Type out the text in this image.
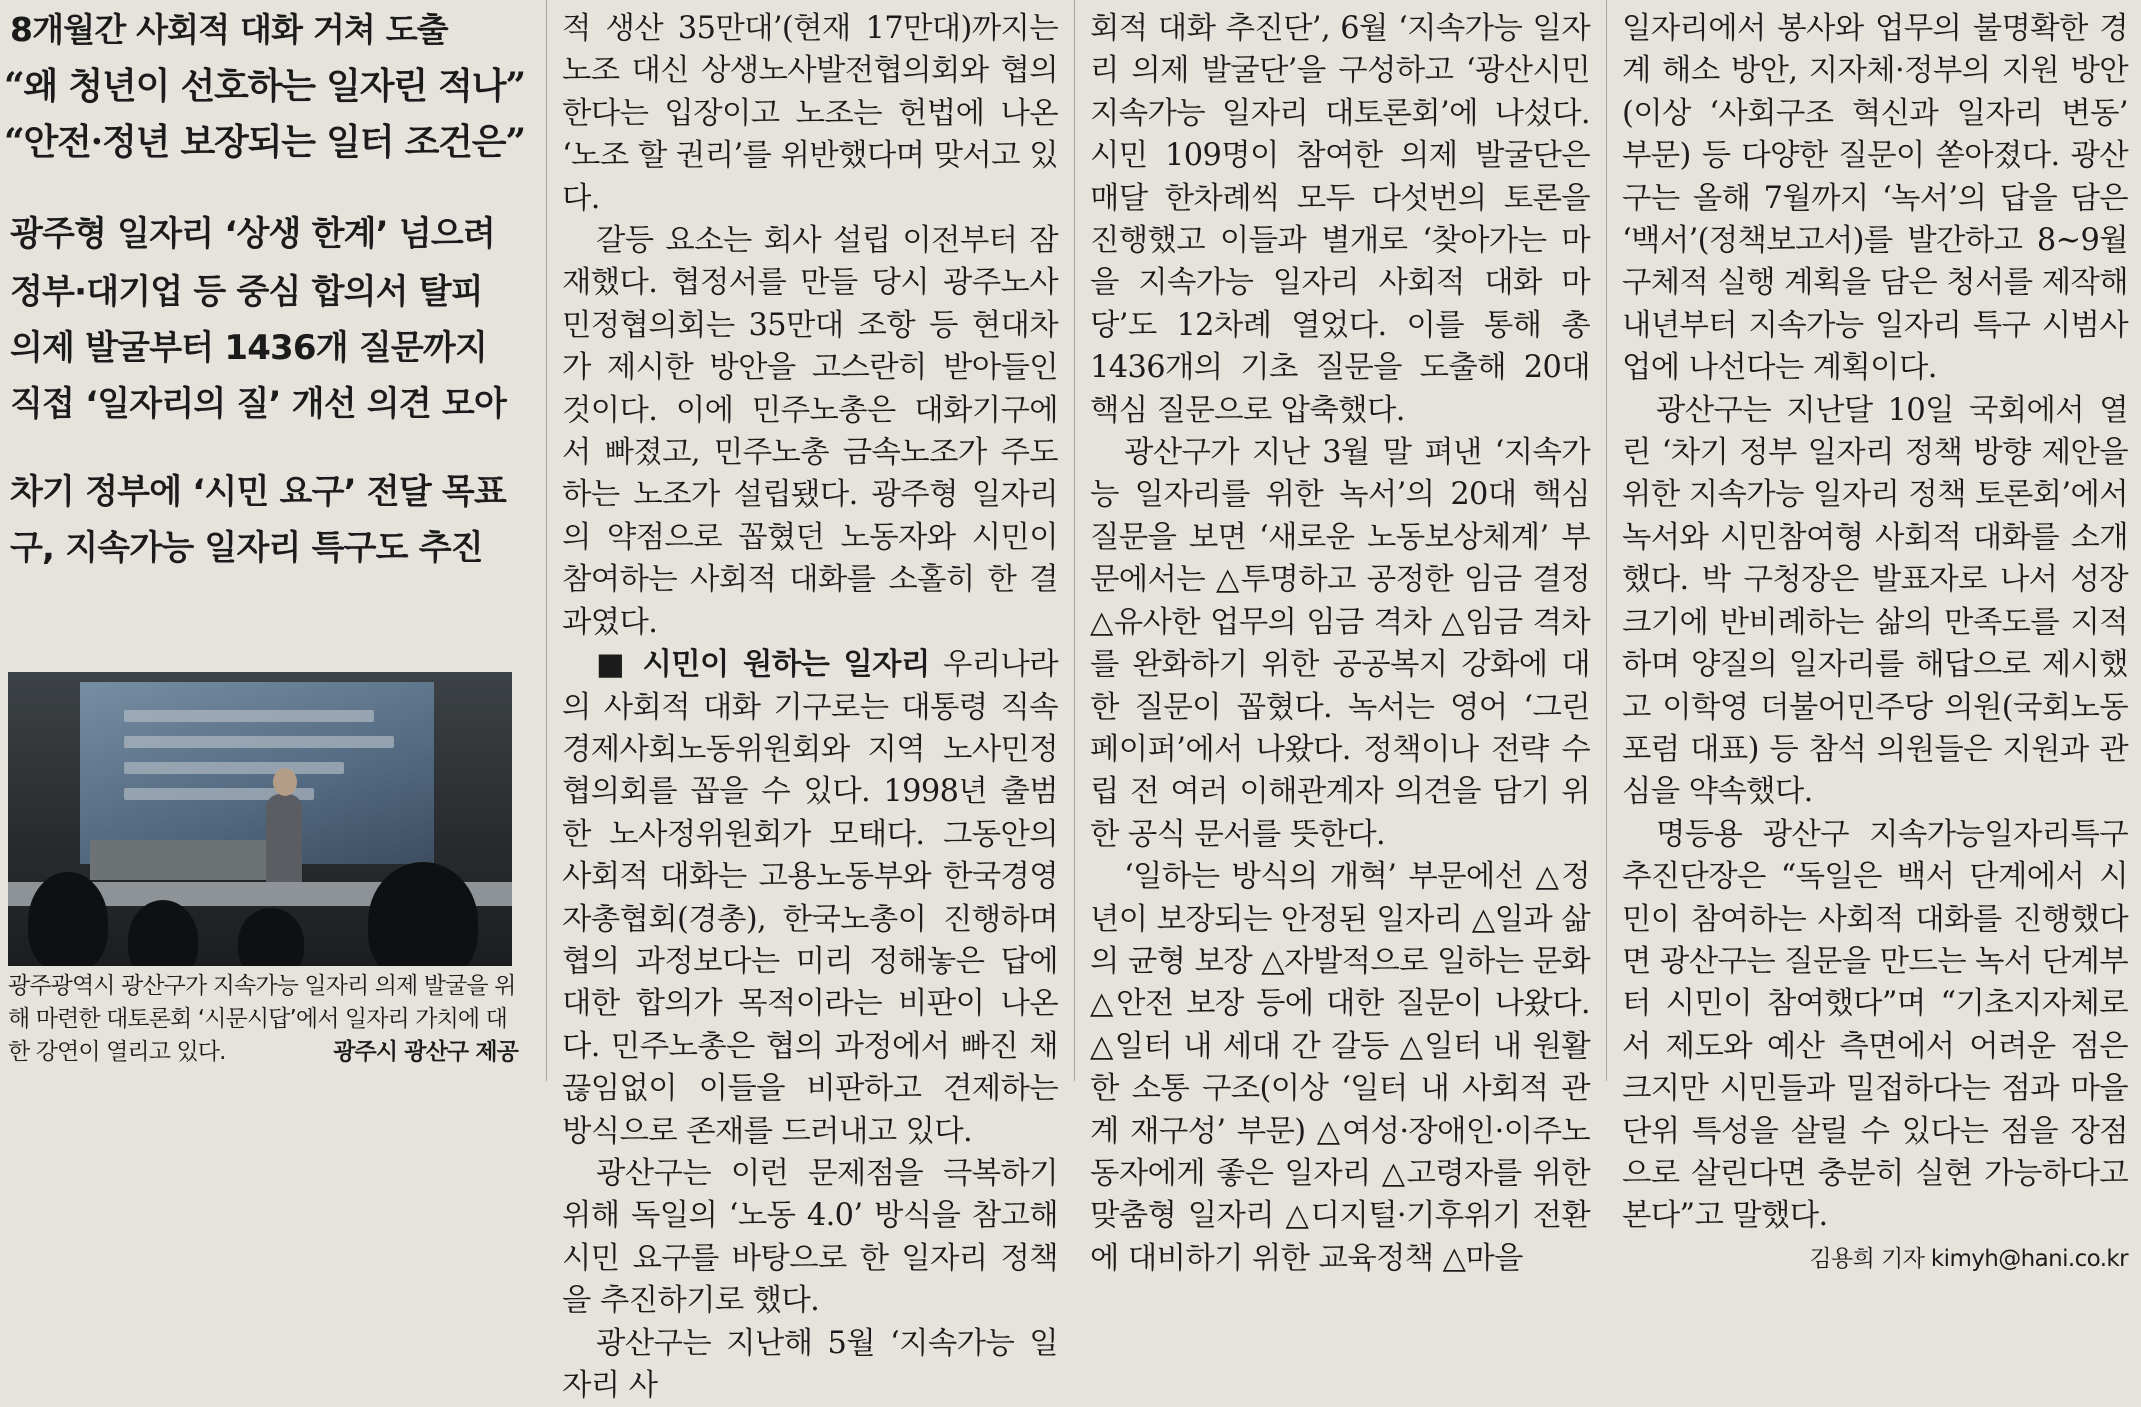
8개월간 사회적 대화 거쳐 도출
“왜 청년이 선호하는 일자린 적나”
“안전·정년 보장되는 일터 조건은”
광주형 일자리 ‘상생 한계’ 넘으려
정부·대기업 등 중심 합의서 탈피
의제 발굴부터 1436개 질문까지
직접 ‘일자리의 질’ 개선 의견 모아
차기 정부에 ‘시민 요구’ 전달 목표
구, 지속가능 일자리 특구도 추진
광주광역시 광산구가 지속가능 일자리 의제 발굴을 위해 마련한 대토론회 ‘시문시답’에서 일자리 가치에 대한 강연이 열리고 있다.	광주시 광산구 제공

적 생산 35만대’(현재 17만대)까지는 노조 대신 상생노사발전협의회와 협의한다는 입장이고 노조는 헌법에 나온 ‘노조 할 권리’를 위반했다며 맞서고 있다.

갈등 요소는 회사 설립 이전부터 잠재했다. 협정서를 만들 당시 광주노사민정협의회는 35만대 조항 등 현대차가 제시한 방안을 고스란히 받아들인 것이다. 이에 민주노총은 대화기구에서 빠졌고, 민주노총 금속노조가 주도하는 노조가 설립됐다. 광주형 일자리의 약점으로 꼽혔던 노동자와 시민이 참여하는 사회적 대화를 소홀히 한 결과였다.

■ 시민이 원하는 일자리 우리나라의 사회적 대화 기구로는 대통령 직속 경제사회노동위원회와 지역 노사민정협의회를 꼽을 수 있다. 1998년 출범한 노사정위원회가 모태다. 그동안의 사회적 대화는 고용노동부와 한국경영자총협회(경총), 한국노총이 진행하며 협의 과정보다는 미리 정해놓은 답에 대한 합의가 목적이라는 비판이 나온다. 민주노총은 협의 과정에서 빠진 채 끊임없이 이들을 비판하고 견제하는 방식으로 존재를 드러내고 있다.

광산구는 이런 문제점을 극복하기 위해 독일의 ‘노동 4.0’ 방식을 참고해 시민 요구를 바탕으로 한 일자리 정책을 추진하기로 했다.

광산구는 지난해 5월 ‘지속가능 일자리 사

회적 대화 추진단’, 6월 ‘지속가능 일자리 의제 발굴단’을 구성하고 ‘광산시민 지속가능 일자리 대토론회’에 나섰다. 시민 109명이 참여한 의제 발굴단은 매달 한차례씩 모두 다섯번의 토론을 진행했고 이들과 별개로 ‘찾아가는 마을 지속가능 일자리 사회적 대화 마당’도 12차례 열었다. 이를 통해 총 1436개의 기초 질문을 도출해 20대 핵심 질문으로 압축했다.

광산구가 지난 3월 말 펴낸 ‘지속가능 일자리를 위한 녹서’의 20대 핵심 질문을 보면 ‘새로운 노동보상체계’ 부문에서는 △투명하고 공정한 임금 결정 △유사한 업무의 임금 격차 △임금 격차를 완화하기 위한 공공복지 강화에 대한 질문이 꼽혔다. 녹서는 영어 ‘그린 페이퍼’에서 나왔다. 정책이나 전략 수립 전 여러 이해관계자 의견을 담기 위한 공식 문서를 뜻한다.

‘일하는 방식의 개혁’ 부문에선 △정년이 보장되는 안정된 일자리 △일과 삶의 균형 보장 △자발적으로 일하는 문화 △안전 보장 등에 대한 질문이 나왔다. △일터 내 세대 간 갈등 △일터 내 원활한 소통 구조(이상 ‘일터 내 사회적 관계 재구성’ 부문) △여성·장애인·이주노동자에게 좋은 일자리 △고령자를 위한 맞춤형 일자리 △디지털·기후위기 전환에 대비하기 위한 교육정책 △마을

일자리에서 봉사와 업무의 불명확한 경계 해소 방안, 지자체·정부의 지원 방안(이상 ‘사회구조 혁신과 일자리 변동’ 부문) 등 다양한 질문이 쏟아졌다. 광산구는 올해 7월까지 ‘녹서’의 답을 담은 ‘백서’(정책보고서)를 발간하고 8~9월 구체적 실행 계획을 담은 청서를 제작해 내년부터 지속가능 일자리 특구 시범사업에 나선다는 계획이다.

광산구는 지난달 10일 국회에서 열린 ‘차기 정부 일자리 정책 방향 제안을 위한 지속가능 일자리 정책 토론회’에서 녹서와 시민참여형 사회적 대화를 소개했다. 박 구청장은 발표자로 나서 성장 크기에 반비례하는 삶의 만족도를 지적하며 양질의 일자리를 해답으로 제시했고 이학영 더불어민주당 의원(국회노동포럼 대표) 등 참석 의원들은 지원과 관심을 약속했다.

명등용 광산구 지속가능일자리특구추진단장은 “독일은 백서 단계에서 시민이 참여하는 사회적 대화를 진행했다면 광산구는 질문을 만드는 녹서 단계부터 시민이 참여했다”며 “기초지자체로서 제도와 예산 측면에서 어려운 점은 크지만 시민들과 밀접하다는 점과 마을 단위 특성을 살릴 수 있다는 점을 장점으로 살린다면 충분히 실현 가능하다고 본다”고 말했다.
김용희 기자 kimyh@hani.co.kr
